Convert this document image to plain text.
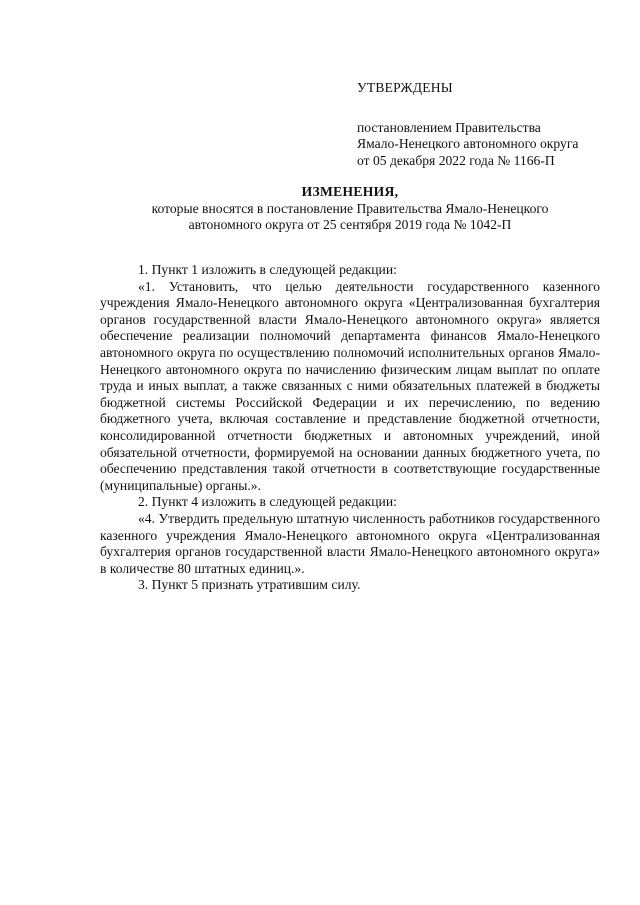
УТВЕРЖДЕНЫ
постановлением Правительства
Ямало-Ненецкого автономного округа
от 05 декабря 2022 года № 1166-П
ИЗМЕНЕНИЯ,
которые вносятся в постановление Правительства Ямало-Ненецкого
автономного округа от 25 сентября 2019 года № 1042-П

1. Пункт 1 изложить в следующей редакции:

«1. Установить, что целью деятельности государственного казенного учреждения Ямало-Ненецкого автономного округа «Централизованная бухгалтерия органов государственной власти Ямало-Ненецкого автономного округа» является обеспечение реализации полномочий департамента финансов Ямало-Ненецкого автономного округа по осуществлению полномочий исполнительных органов Ямало-Ненецкого автономного округа по начислению физическим лицам выплат по оплате труда и иных выплат, а также связанных с ними обязательных платежей в бюджеты бюджетной системы Российской Федерации и их перечислению, по ведению бюджетного учета, включая составление и представление бюджетной отчетности, консолидированной отчетности бюджетных и автономных учреждений, иной обязательной отчетности, формируемой на основании данных бюджетного учета, по обеспечению представления такой отчетности в соответствующие государственные (муниципальные) органы.».

2. Пункт 4 изложить в следующей редакции:

«4. Утвердить предельную штатную численность работников государственного казенного учреждения Ямало-Ненецкого автономного округа «Централизованная бухгалтерия органов государственной власти Ямало-Ненецкого автономного округа» в количестве 80 штатных единиц.».

3. Пункт 5 признать утратившим силу.
